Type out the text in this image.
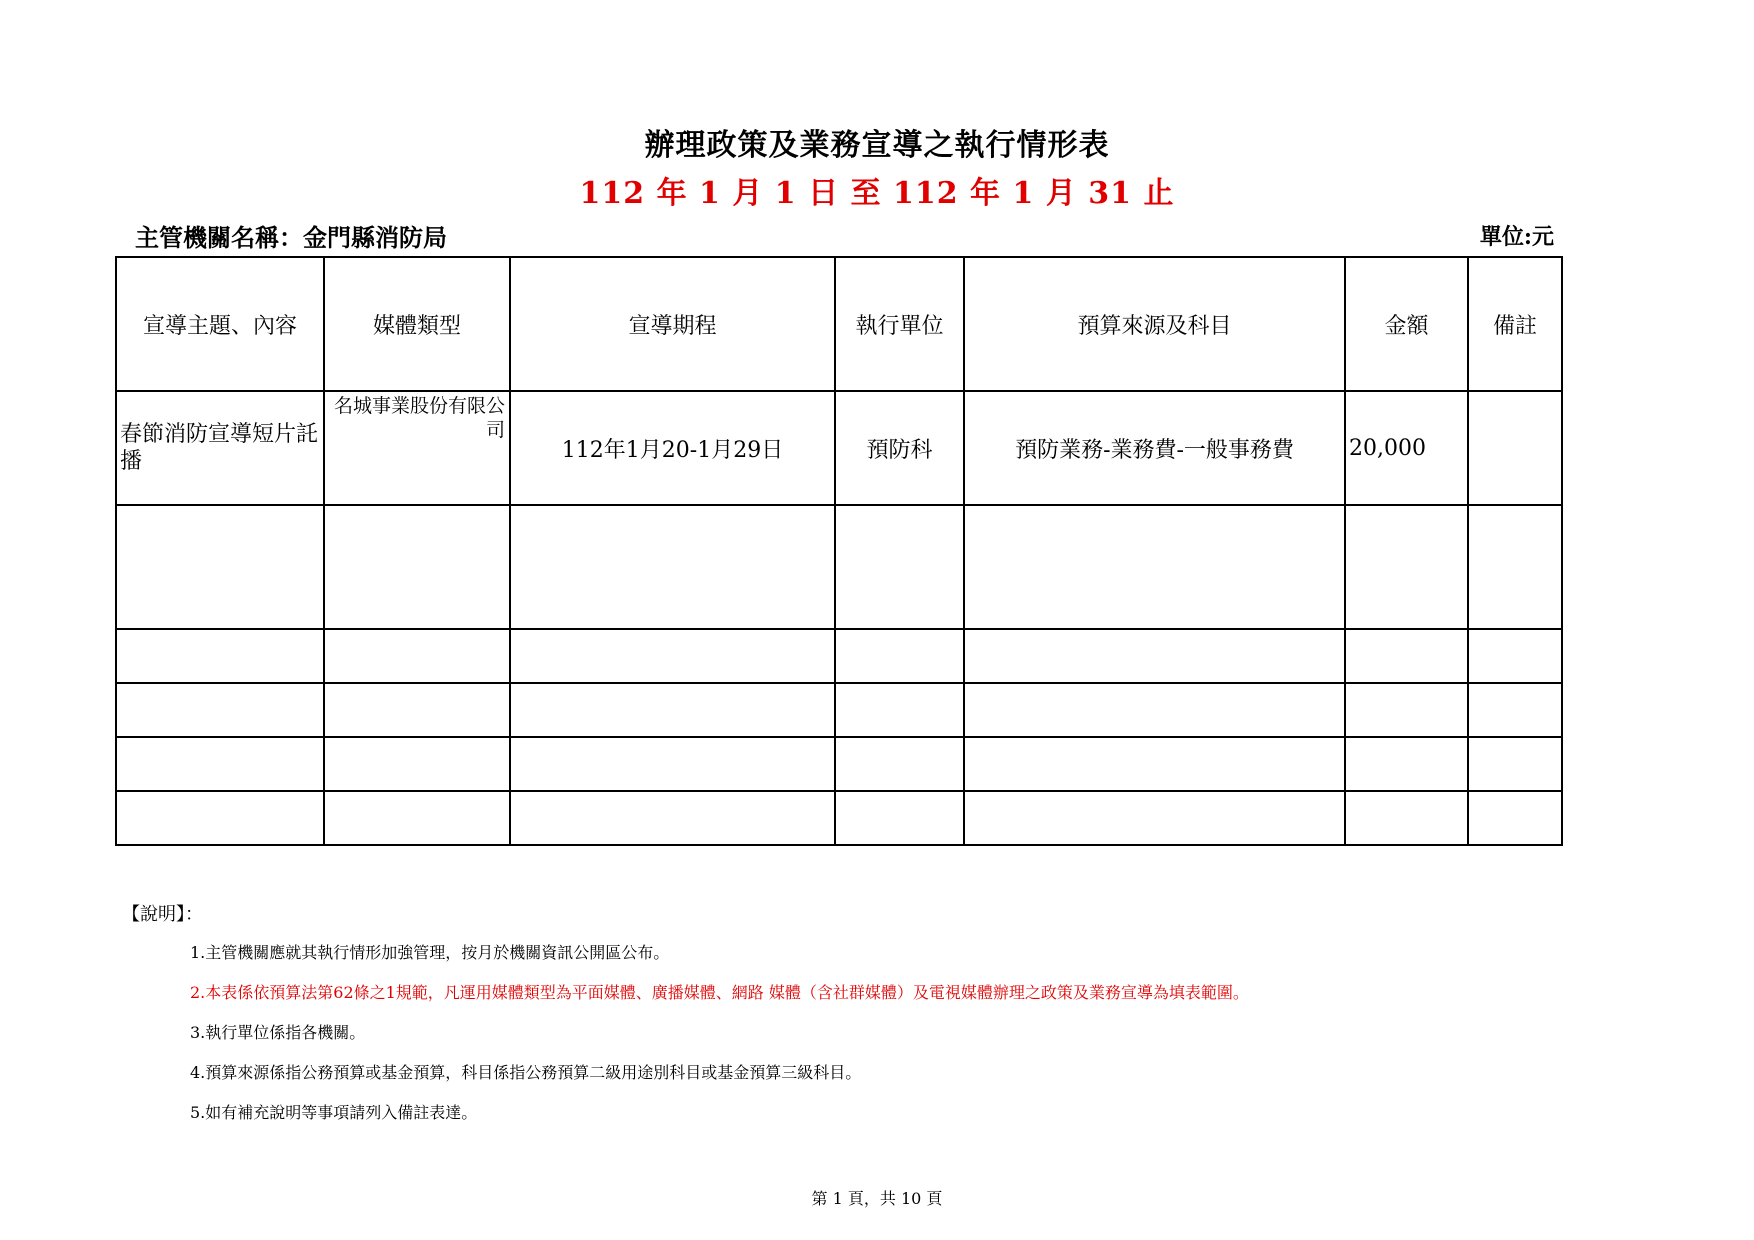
辦理政策及業務宣導之執行情形表
112 年 1 月 1 日 至 112 年 1 月 31 止
主管機關名稱：金門縣消防局	單位:元
宣導主題、內容	媒體類型	宣導期程	執行單位	預算來源及科目	金額	備註
春節消防宣導短片託播	名城事業股份有限公司	112年1月20-1月29日	預防科	預防業務-業務費-一般事務費	20,000	

【說明】：
1.主管機關應就其執行情形加強管理，按月於機關資訊公開區公布。
2.本表係依預算法第62條之1規範，凡運用媒體類型為平面媒體、廣播媒體、網路 媒體（含社群媒體）及電視媒體辦理之政策及業務宣導為填表範圍。
3.執行單位係指各機關。
4.預算來源係指公務預算或基金預算，科目係指公務預算二級用途別科目或基金預算三級科目。
5.如有補充說明等事項請列入備註表達。
第 1 頁，共 10 頁
